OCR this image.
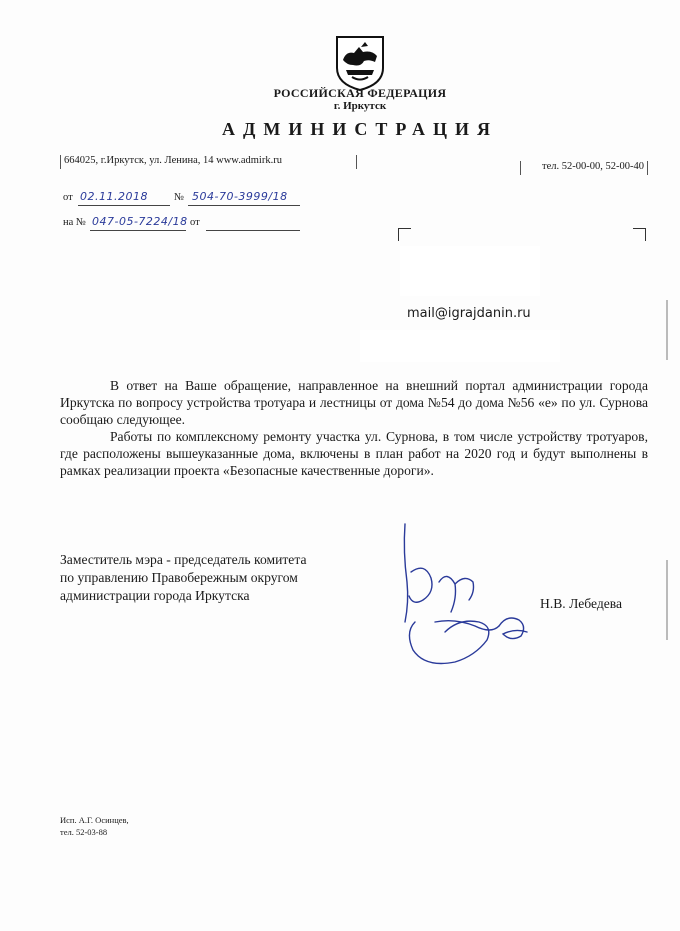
РОССИЙСКАЯ ФЕДЕРАЦИЯ
г. Иркутск
АДМИНИСТРАЦИЯ
664025, г.Иркутск, ул. Ленина, 14 www.admirk.ru
тел. 52-00-00, 52-00-40
от 02.11.2018 № 504-70-3999/18
на № 047-05-7224/18 от
mail@igrajdanin.ru

В ответ на Ваше обращение, направленное на внешний портал администрации города Иркутска по вопросу устройства тротуара и лестницы от дома №54 до дома №56 «е» по ул. Сурнова сообщаю следующее.

Работы по комплексному ремонту участка ул. Сурнова, в том числе устройству тротуаров, где расположены вышеуказанные дома, включены в план работ на 2020 год и будут выполнены в рамках реализации проекта «Безопасные качественные дороги».

Заместитель мэра - председатель комитета
по управлению Правобережным округом
администрации города Иркутска
Н.В. Лебедева
Исп. А.Г. Осинцев,
тел. 52-03-88
